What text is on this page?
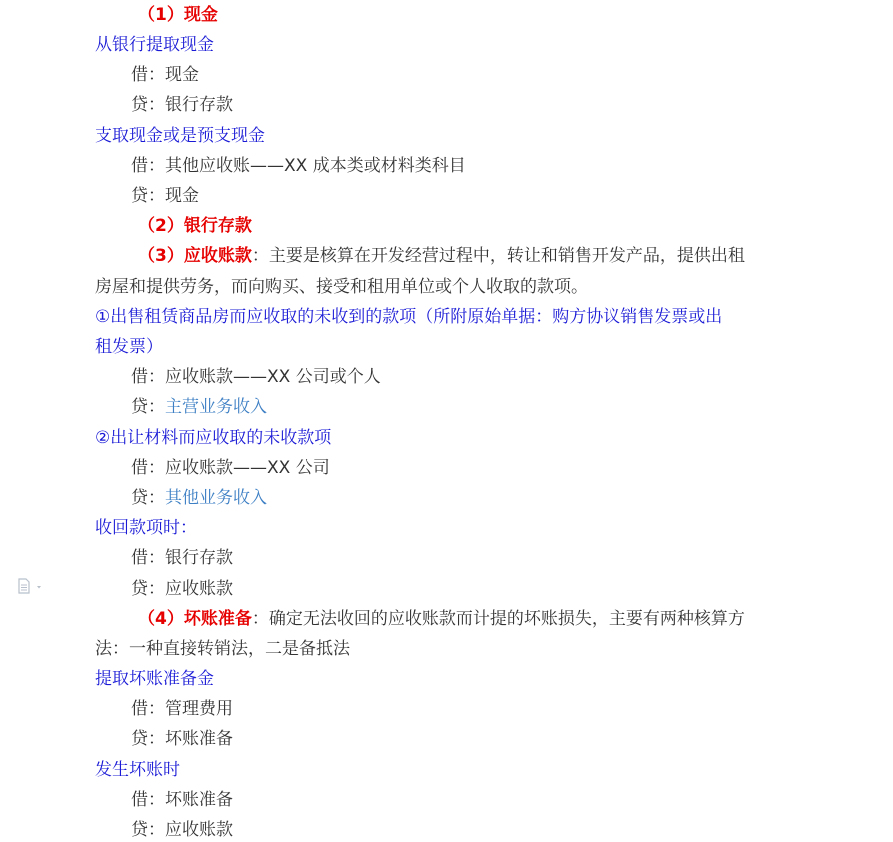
（1）现金
从银行提取现金
借：现金
贷：银行存款
支取现金或是预支现金
借：其他应收账——XX 成本类或材料类科目
贷：现金
（2）银行存款
（3）应收账款：主要是核算在开发经营过程中，转让和销售开发产品，提供出租
房屋和提供劳务，而向购买、接受和租用单位或个人收取的款项。
①出售租赁商品房而应收取的未收到的款项（所附原始单据：购方协议销售发票或出
租发票）
借：应收账款——XX 公司或个人
贷：主营业务收入
②出让材料而应收取的未收款项
借：应收账款——XX 公司
贷：其他业务收入
收回款项时：
借：银行存款
贷：应收账款
（4）坏账准备：确定无法收回的应收账款而计提的坏账损失，主要有两种核算方
法：一种直接转销法，二是备抵法
提取坏账准备金
借：管理费用
贷：坏账准备
发生坏账时
借：坏账准备
贷：应收账款
